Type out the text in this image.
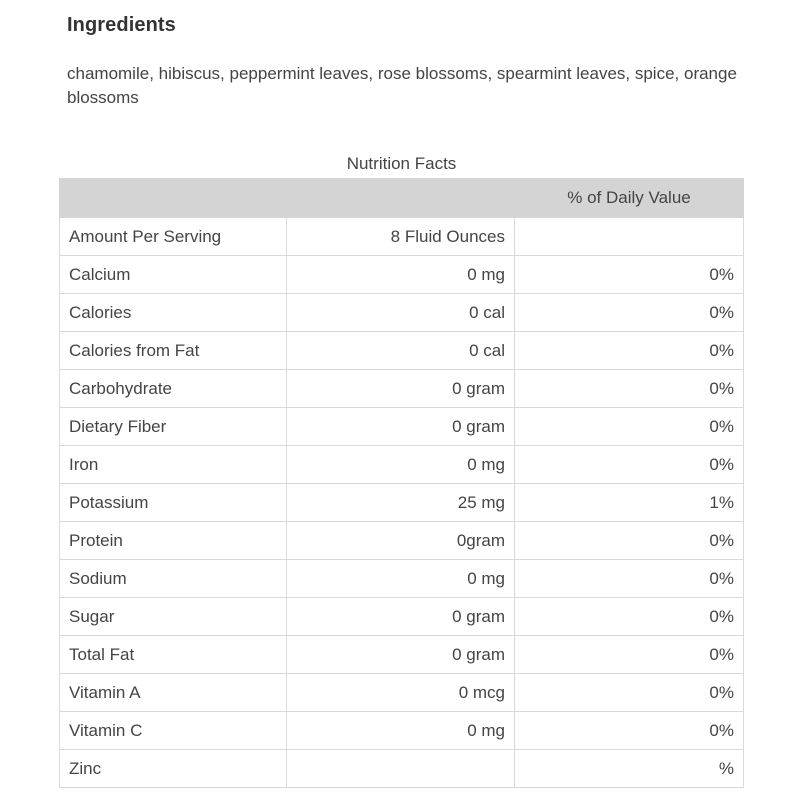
Ingredients

chamomile, hibiscus, peppermint leaves, rose blossoms, spearmint leaves, spice, orange blossoms

Nutrition Facts
		% of Daily Value
Amount Per Serving	8 Fluid Ounces	
Calcium	0 mg	0%
Calories	0 cal	0%
Calories from Fat	0 cal	0%
Carbohydrate	0 gram	0%
Dietary Fiber	0 gram	0%
Iron	0 mg	0%
Potassium	25 mg	1%
Protein	0gram	0%
Sodium	0 mg	0%
Sugar	0 gram	0%
Total Fat	0 gram	0%
Vitamin A	0 mcg	0%
Vitamin C	0 mg	0%
Zinc		%
